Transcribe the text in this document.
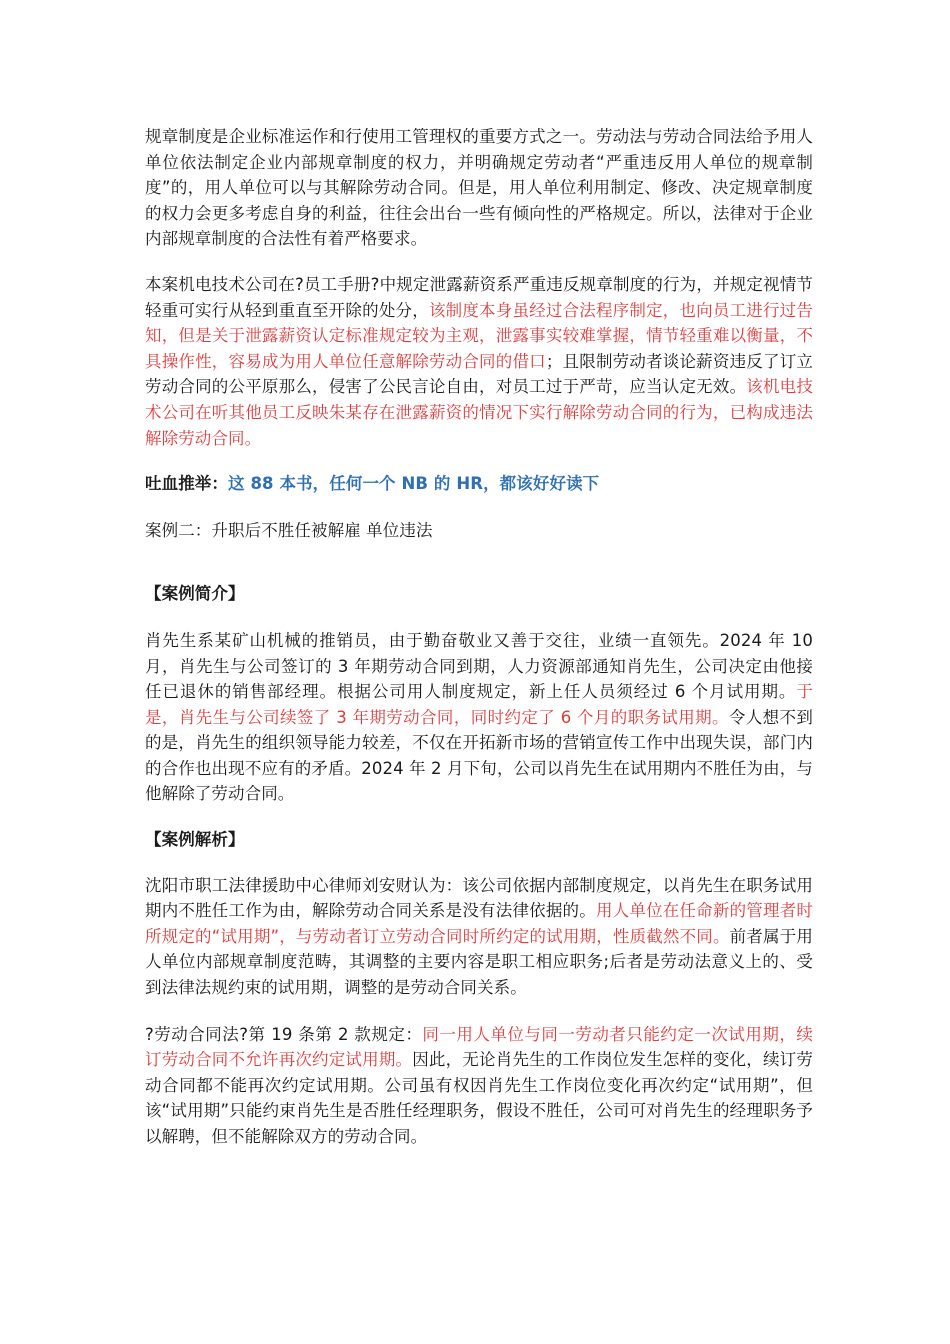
规章制度是企业标准运作和行使用工管理权的重要方式之一。劳动法与劳动合同法给予用人单位依法制定企业内部规章制度的权力，并明确规定劳动者“严重违反用人单位的规章制度”的，用人单位可以与其解除劳动合同。但是，用人单位利用制定、修改、决定规章制度的权力会更多考虑自身的利益，往往会出台一些有倾向性的严格规定。所以，法律对于企业内部规章制度的合法性有着严格要求。

本案机电技术公司在?员工手册?中规定泄露薪资系严重违反规章制度的行为，并规定视情节轻重可实行从轻到重直至开除的处分，该制度本身虽经过合法程序制定，也向员工进行过告知，但是关于泄露薪资认定标准规定较为主观，泄露事实较难掌握，情节轻重难以衡量，不具操作性，容易成为用人单位任意解除劳动合同的借口；且限制劳动者谈论薪资违反了订立劳动合同的公平原那么，侵害了公民言论自由，对员工过于严苛，应当认定无效。该机电技术公司在听其他员工反映朱某存在泄露薪资的情况下实行解除劳动合同的行为，已构成违法解除劳动合同。

吐血推举：这 88 本书，任何一个 NB 的 HR，都该好好读下

案例二：升职后不胜任被解雇 单位违法

【案例简介】

肖先生系某矿山机械的推销员，由于勤奋敬业又善于交往，业绩一直领先。2024 年 10 月，肖先生与公司签订的 3 年期劳动合同到期，人力资源部通知肖先生，公司决定由他接任已退休的销售部经理。根据公司用人制度规定，新上任人员须经过 6 个月试用期。于是，肖先生与公司续签了 3 年期劳动合同，同时约定了 6 个月的职务试用期。令人想不到的是，肖先生的组织领导能力较差，不仅在开拓新市场的营销宣传工作中出现失误，部门内的合作也出现不应有的矛盾。2024 年 2 月下旬，公司以肖先生在试用期内不胜任为由，与他解除了劳动合同。

【案例解析】

沈阳市职工法律援助中心律师刘安财认为：该公司依据内部制度规定，以肖先生在职务试用期内不胜任工作为由，解除劳动合同关系是没有法律依据的。用人单位在任命新的管理者时所规定的“试用期”，与劳动者订立劳动合同时所约定的试用期，性质截然不同。前者属于用人单位内部规章制度范畴，其调整的主要内容是职工相应职务;后者是劳动法意义上的、受到法律法规约束的试用期，调整的是劳动合同关系。

?劳动合同法?第 19 条第 2 款规定：同一用人单位与同一劳动者只能约定一次试用期，续订劳动合同不允许再次约定试用期。因此，无论肖先生的工作岗位发生怎样的变化，续订劳动合同都不能再次约定试用期。公司虽有权因肖先生工作岗位变化再次约定“试用期”，但该“试用期”只能约束肖先生是否胜任经理职务，假设不胜任，公司可对肖先生的经理职务予以解聘，但不能解除双方的劳动合同。
